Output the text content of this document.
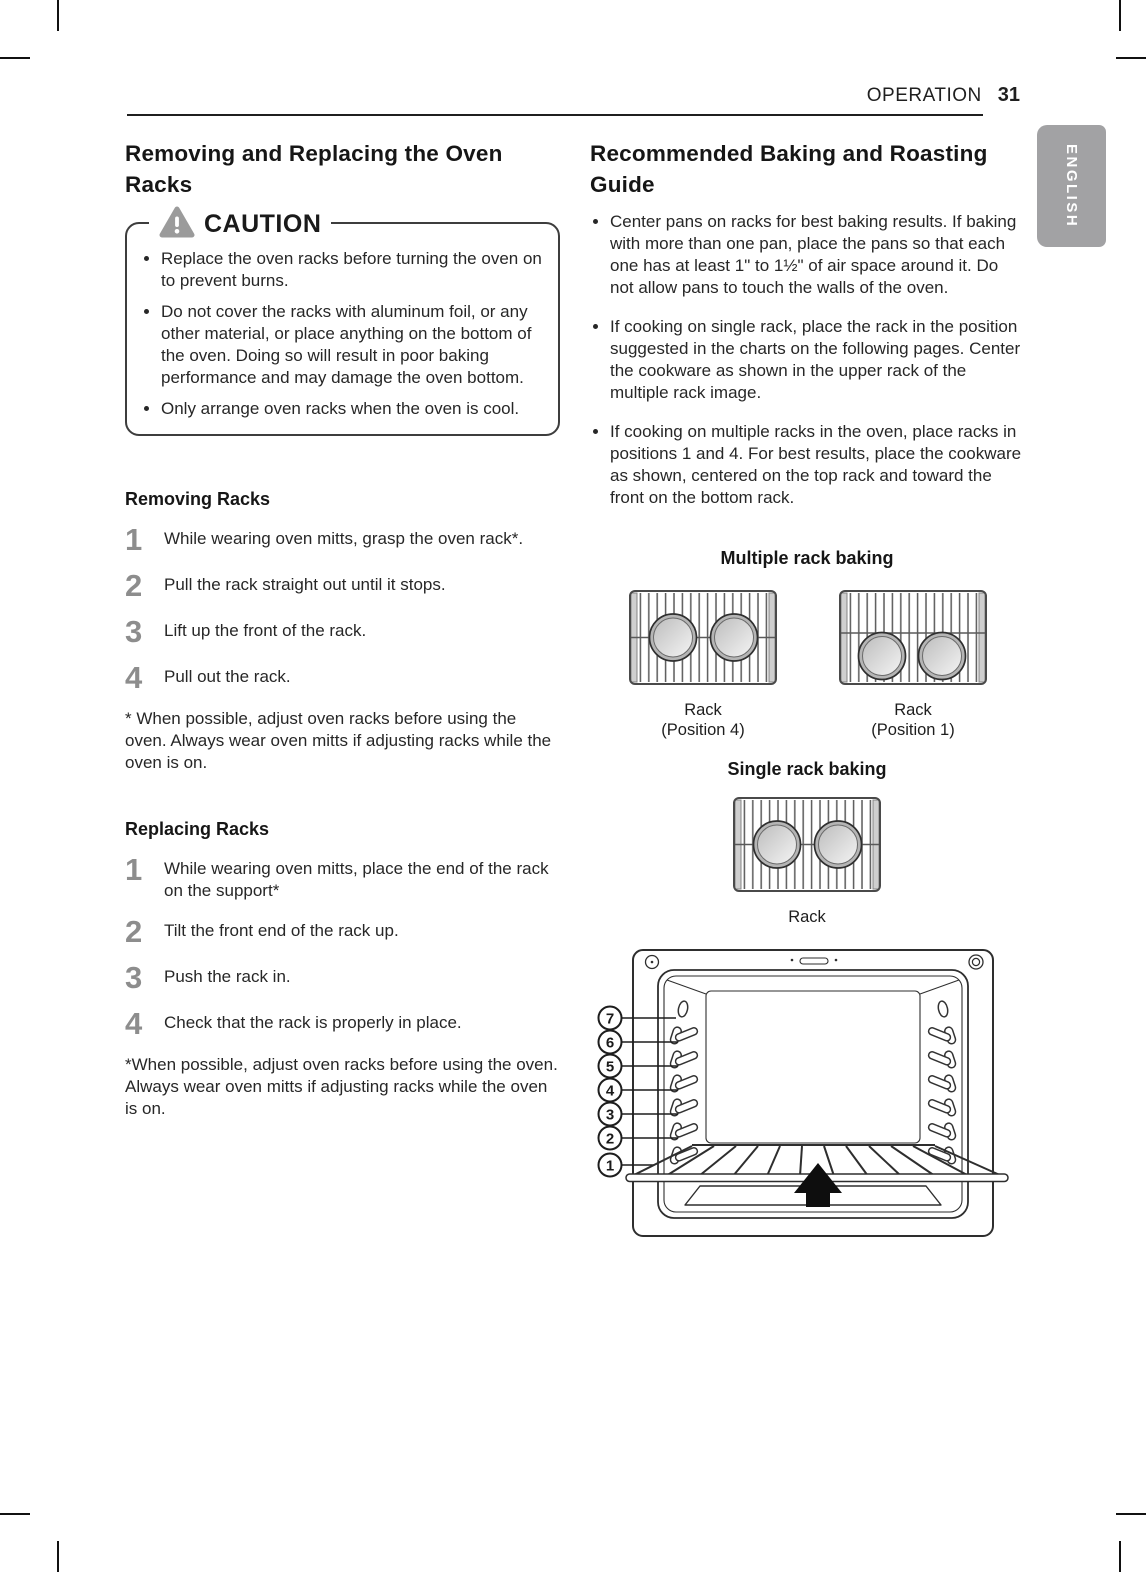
OPERATION 31
ENGLISH
Removing and Replacing the Oven Racks
CAUTION
• Replace the oven racks before turning the oven on to prevent burns.
• Do not cover the racks with aluminum foil, or any other material, or place anything on the bottom of the oven. Doing so will result in poor baking performance and may damage the oven bottom.
• Only arrange oven racks when the oven is cool.
Removing Racks
1	While wearing oven mitts, grasp the oven rack*.
2	Pull the rack straight out until it stops.
3	Lift up the front of the rack.
4	Pull out the rack.
* When possible, adjust oven racks before using the oven. Always wear oven mitts if adjusting racks while the oven is on.
Replacing Racks
1	While wearing oven mitts, place the end of the rack on the support*
2	Tilt the front end of the rack up.
3	Push the rack in.
4	Check that the rack is properly in place.
*When possible, adjust oven racks before using the oven. Always wear oven mitts if adjusting racks while the oven is on.
Recommended Baking and Roasting Guide
• Center pans on racks for best baking results. If baking with more than one pan, place the pans so that each one has at least 1" to 1½" of air space around it. Do not allow pans to touch the walls of the oven.
• If cooking on single rack, place the rack in the position suggested in the charts on the following pages. Center the cookware as shown in the upper rack of the multiple rack image.
• If cooking on multiple racks in the oven, place racks in positions 1 and 4. For best results, place the cookware as shown, centered on the top rack and toward the front on the bottom rack.
Multiple rack baking
Rack
(Position 4)
Rack
(Position 1)
Single rack baking
Rack
7
6
5
4
3
2
1
